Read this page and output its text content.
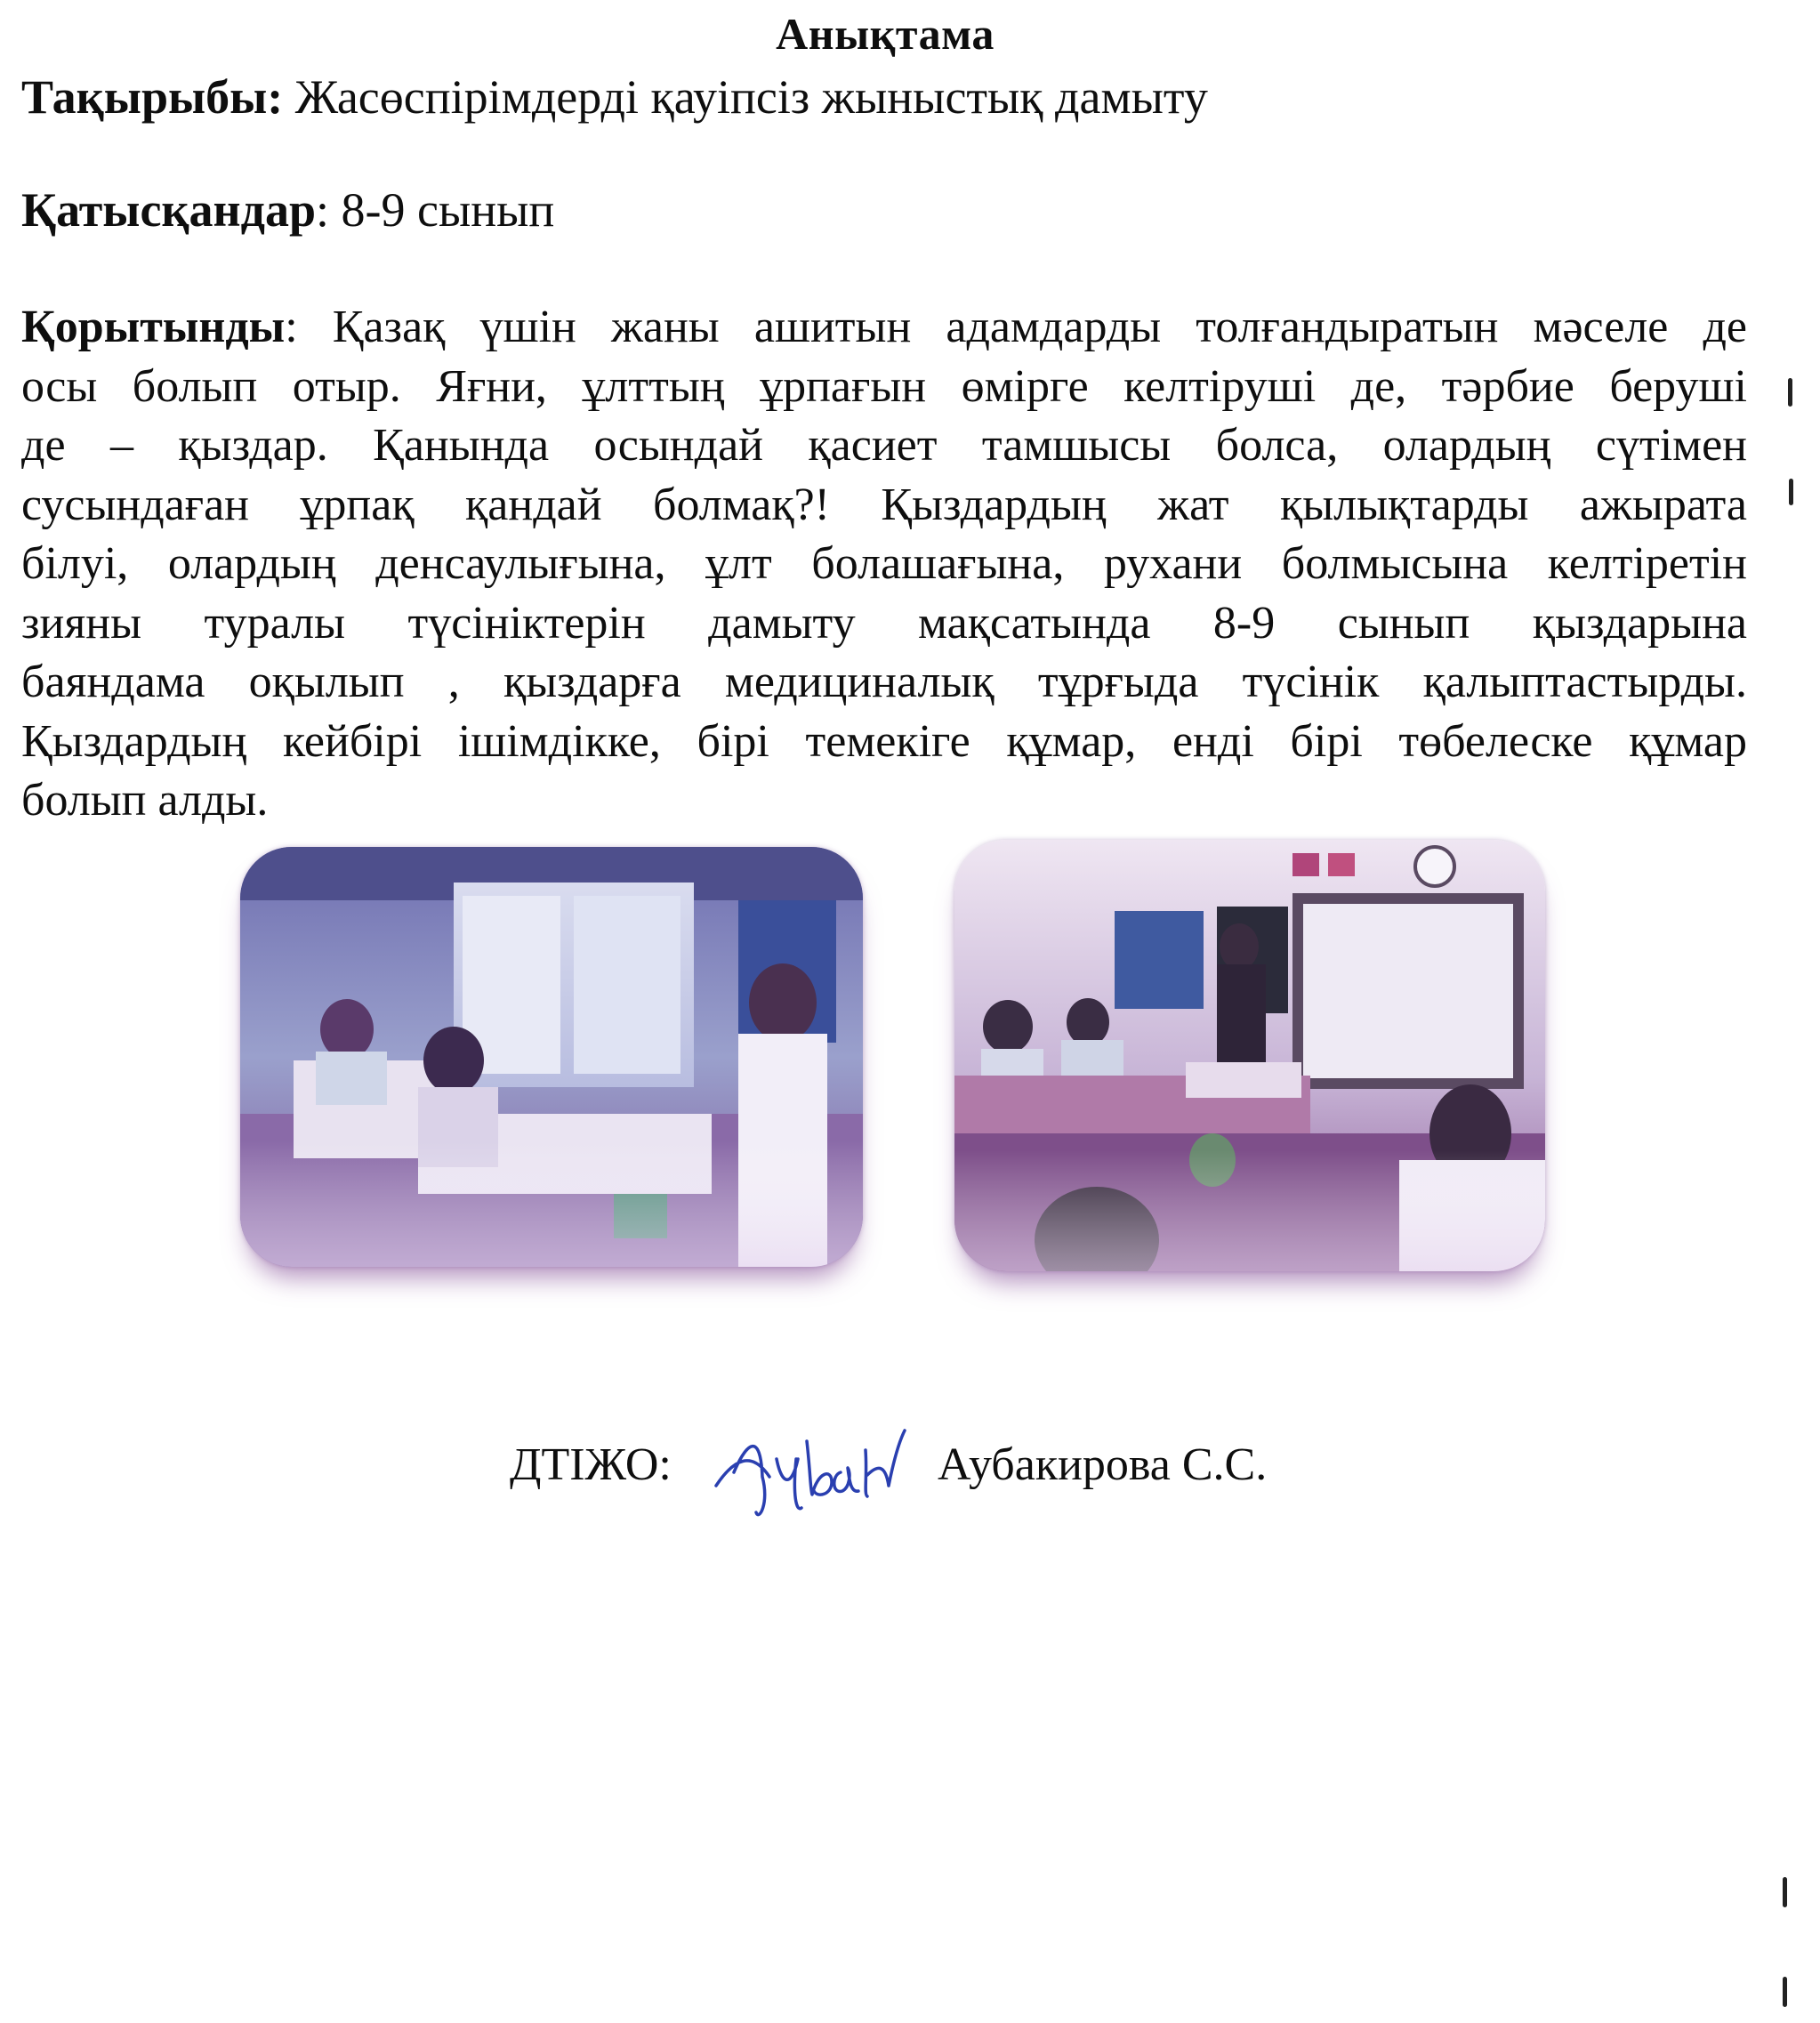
Анықтама
Тақырыбы: Жасөспірімдерді қауіпсіз жыныстық дамыту
Қатысқандар: 8-9 сынып
Қорытынды: Қазақ үшін жаны ашитын адамдарды толғандыратын мәселе де
осы болып отыр. Яғни, ұлттың ұрпағын өмірге келтіруші де, тәрбие беруші
де – қыздар. Қанында осындай қасиет тамшысы болса, олардың сүтімен
сусындаған ұрпақ қандай болмақ?! Қыздардың жат қылықтарды ажырата
білуі, олардың денсаулығына, ұлт болашағына, рухани болмысына келтіретін
зияны туралы түсініктерін дамыту мақсатында 8-9 сынып қыздарына
баяндама оқылып , қыздарға медициналық тұрғыда түсінік қалыптастырды.
Қыздардың кейбірі ішімдікке, бірі темекіге құмар, енді бірі төбелеске құмар
болып алды.
ДТІЖО:	Аубакирова С.С.
